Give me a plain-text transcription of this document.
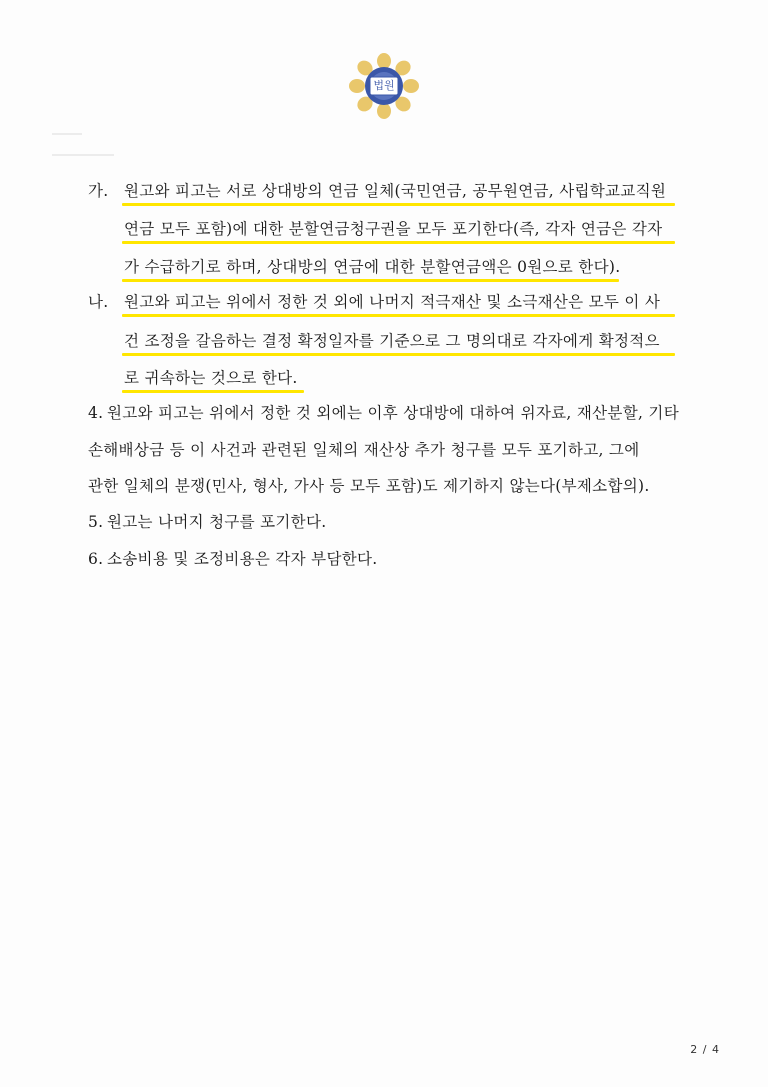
법원
가. 원고와 피고는 서로 상대방의 연금 일체(국민연금, 공무원연금, 사립학교교직원
연금 모두 포함)에 대한 분할연금청구권을 모두 포기한다(즉, 각자 연금은 각자
가 수급하기로 하며, 상대방의 연금에 대한 분할연금액은 0원으로 한다).
나. 원고와 피고는 위에서 정한 것 외에 나머지 적극재산 및 소극재산은 모두 이 사
건 조정을 갈음하는 결정 확정일자를 기준으로 그 명의대로 각자에게 확정적으
로 귀속하는 것으로 한다.
4. 원고와 피고는 위에서 정한 것 외에는 이후 상대방에 대하여 위자료, 재산분할, 기타
손해배상금 등 이 사건과 관련된 일체의 재산상 추가 청구를 모두 포기하고, 그에
관한 일체의 분쟁(민사, 형사, 가사 등 모두 포함)도 제기하지 않는다(부제소합의).
5. 원고는 나머지 청구를 포기한다.
6. 소송비용 및 조정비용은 각자 부담한다.
2 / 4
